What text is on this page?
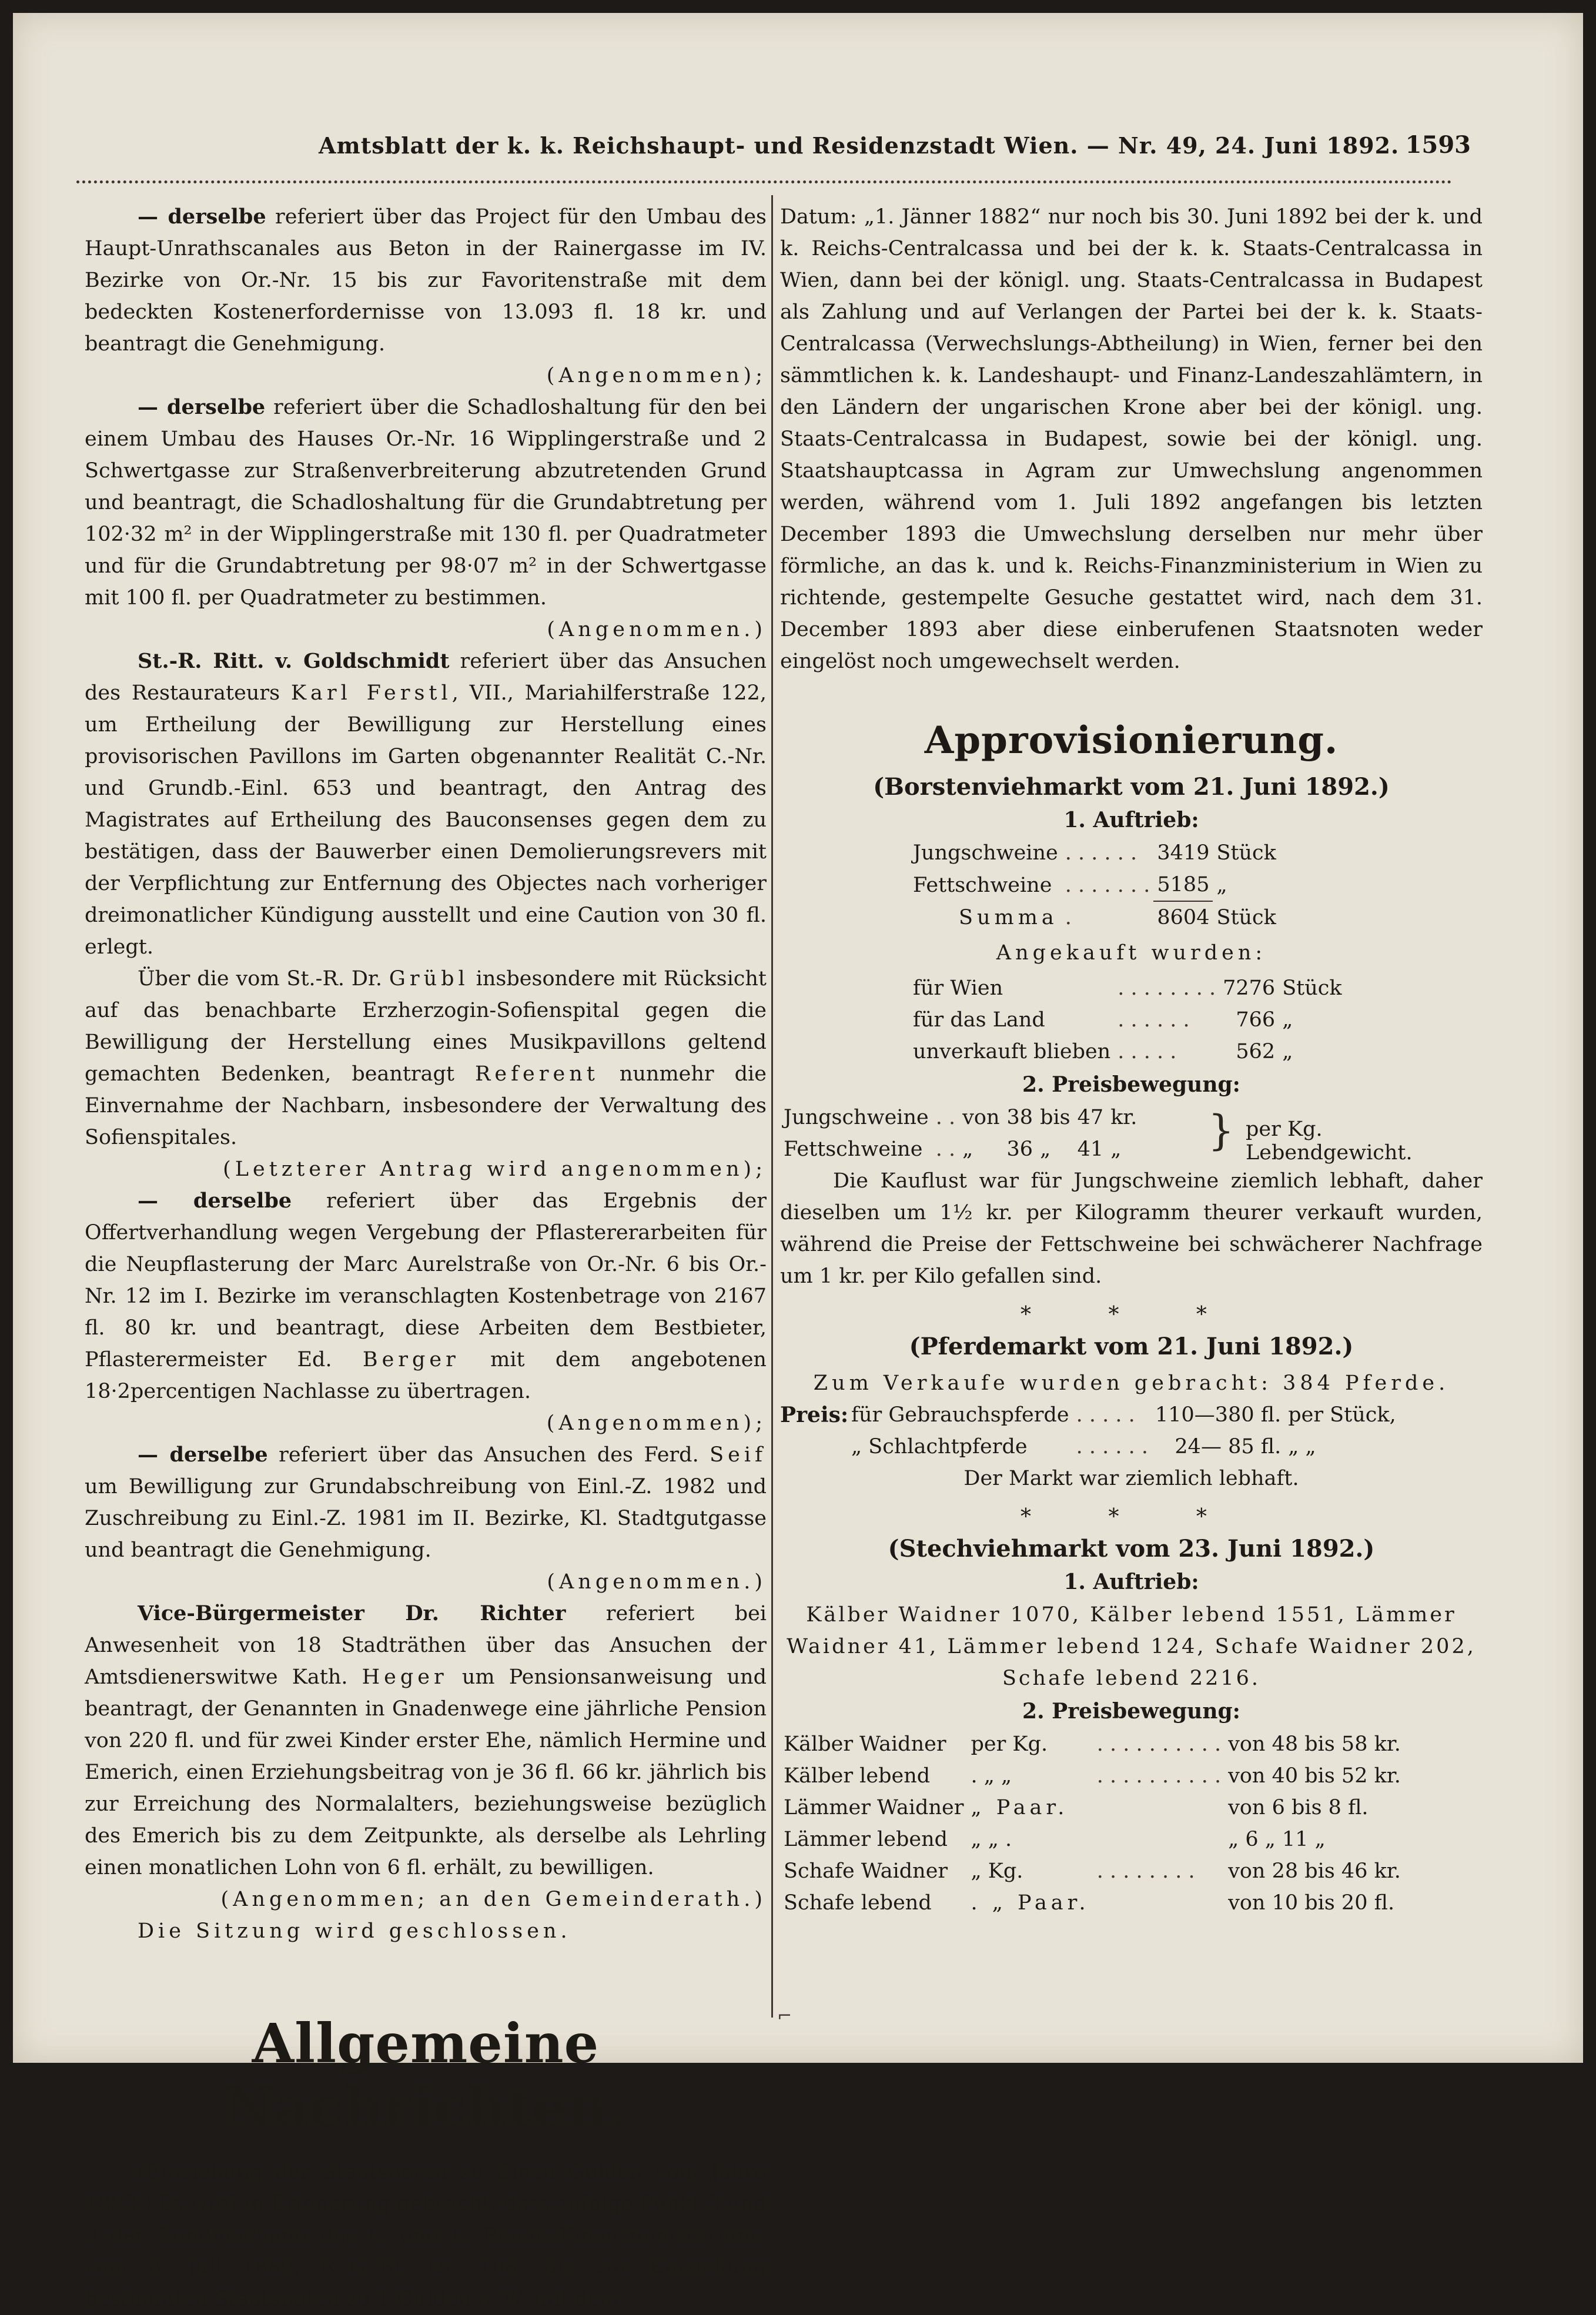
Amtsblatt der k. k. Reichshaupt- und Residenzstadt Wien. — Nr. 49, 24. Juni 1892. 1593

— derselbe referiert über das Project für den Umbau des Haupt-Unrathscanales aus Beton in der Rainergasse im IV. Bezirke von Or.-Nr. 15 bis zur Favoritenstraße mit dem bedeckten Kostenerfordernisse von 13.093 fl. 18 kr. und beantragt die Genehmigung.

(Angenommen);

— derselbe referiert über die Schadloshaltung für den bei einem Umbau des Hauses Or.-Nr. 16 Wipplingerstraße und 2 Schwertgasse zur Straßenverbreiterung abzutretenden Grund und beantragt, die Schadloshaltung für die Grundabtretung per 102·32 m² in der Wipplingerstraße mit 130 fl. per Quadratmeter und für die Grundabtretung per 98·07 m² in der Schwertgasse mit 100 fl. per Quadratmeter zu bestimmen.

(Angenommen.)

St.-R. Ritt. v. Goldschmidt referiert über das Ansuchen des Restaurateurs Karl Ferstl, VII., Mariahilferstraße 122, um Ertheilung der Bewilligung zur Herstellung eines provisorischen Pavillons im Garten obgenannter Realität C.-Nr. und Grundb.-Einl. 653 und beantragt, den Antrag des Magistrates auf Ertheilung des Bauconsenses gegen dem zu bestätigen, dass der Bauwerber einen Demolierungsrevers mit der Verpflichtung zur Entfernung des Objectes nach vorheriger dreimonatlicher Kündigung ausstellt und eine Caution von 30 fl. erlegt.

Über die vom St.-R. Dr. Grübl insbesondere mit Rücksicht auf das benachbarte Erzherzogin-Sofienspital gegen die Bewilligung der Herstellung eines Musikpavillons geltend gemachten Bedenken, beantragt Referent nunmehr die Einvernahme der Nachbarn, insbesondere der Verwaltung des Sofienspitales.

(Letzterer Antrag wird angenommen);

— derselbe referiert über das Ergebnis der Offertverhandlung wegen Vergebung der Pflastererarbeiten für die Neupflasterung der Marc Aurelstraße von Or.-Nr. 6 bis Or.-Nr. 12 im I. Bezirke im veranschlagten Kostenbetrage von 2167 fl. 80 kr. und beantragt, diese Arbeiten dem Bestbieter, Pflasterermeister Ed. Berger mit dem angebotenen 18·2percentigen Nachlasse zu übertragen.

(Angenommen);

— derselbe referiert über das Ansuchen des Ferd. Seif um Bewilligung zur Grundabschreibung von Einl.-Z. 1982 und Zuschreibung zu Einl.-Z. 1981 im II. Bezirke, Kl. Stadtgutgasse und beantragt die Genehmigung.

(Angenommen.)

Vice-Bürgermeister Dr. Richter referiert bei Anwesenheit von 18 Stadträthen über das Ansuchen der Amtsdienerswitwe Kath. Heger um Pensionsanweisung und beantragt, der Genannten in Gnadenwege eine jährliche Pension von 220 fl. und für zwei Kinder erster Ehe, nämlich Hermine und Emerich, einen Erziehungsbeitrag von je 36 fl. 66 kr. jährlich bis zur Erreichung des Normalalters, beziehungsweise bezüglich des Emerich bis zu dem Zeitpunkte, als derselbe als Lehrling einen monatlichen Lohn von 6 fl. erhält, zu bewilligen.

(Angenommen; an den Gemeinderath.)

Die Sitzung wird geschlossen.

Allgemeine Nachrichten.

(Einziehung der Staatsnoten zu Einen Gulden vom Jahre 1882.) Es wird in Erinnerung gebracht, dass zufolge Punkt 2 und 3 der Kundmachung des k. und k. Reichs-Finanzministeriums vom 8. Juli 1889, R.-G.-Bl. Nr. 108, die zur Einziehung bestimmten Staatsnoten zu 1 Gulden ö. W. mit dem

Datum: „1. Jänner 1882“ nur noch bis 30. Juni 1892 bei der k. und k. Reichs-Centralcassa und bei der k. k. Staats-Centralcassa in Wien, dann bei der königl. ung. Staats-Centralcassa in Budapest als Zahlung und auf Verlangen der Partei bei der k. k. Staats-Centralcassa (Verwechslungs-Abtheilung) in Wien, ferner bei den sämmtlichen k. k. Landeshaupt- und Finanz-Landeszahlämtern, in den Ländern der ungarischen Krone aber bei der königl. ung. Staats-Centralcassa in Budapest, sowie bei der königl. ung. Staatshauptcassa in Agram zur Umwechslung angenommen werden, während vom 1. Juli 1892 angefangen bis letzten December 1893 die Umwechslung derselben nur mehr über förmliche, an das k. und k. Reichs-Finanzministerium in Wien zu richtende, gestempelte Gesuche gestattet wird, nach dem 31. December 1893 aber diese einberufenen Staatsnoten weder eingelöst noch umgewechselt werden.

Approvisionierung.
(Borstenviehmarkt vom 21. Juni 1892.)
1. Auftrieb:
Jungschweine	. . . . . .	3419	Stück
Fettschweine	. . . . . . .	5185	„
Summa	.	8604	Stück
Angekauft wurden:
für Wien	. . . . . . . .	7276	Stück
für das Land	. . . . . .	766	„
unverkauft blieben	. . . . .	562	„
2. Preisbewegung:
Jungschweine	. .	von	38	bis	47	kr.
Fettschweine	. .	„	36	„	41	„ } per Kg. Lebendgewicht.

Die Kauflust war für Jungschweine ziemlich lebhaft, daher dieselben um 1½ kr. per Kilogramm theurer verkauft wurden, während die Preise der Fettschweine bei schwächerer Nachfrage um 1 kr. per Kilo gefallen sind.

* * *
(Pferdemarkt vom 21. Juni 1892.)
Zum Verkaufe wurden gebracht: 384 Pferde.
Preis: für Gebrauchspferde	. . . . .	110—380 fl.	per Stück,
„ Schlachtpferde	. . . . . .	24— 85 fl.	„ „
Der Markt war ziemlich lebhaft.
* * *
(Stechviehmarkt vom 23. Juni 1892.)
1. Auftrieb:

Kälber Waidner 1070, Kälber lebend 1551, Lämmer Waidner 41, Lämmer lebend 124, Schafe Waidner 202, Schafe lebend 2216.

2. Preisbewegung:
Kälber Waidner	per Kg.	. . . . . . . . . .	von 48 bis 58 kr.
Kälber lebend	. „ „	. . . . . . . . . .	von 40 bis 52 kr.
Lämmer Waidner	„ Paar.		von 6 bis 8 fl.
Lämmer lebend	„ „ .		„ 6 „ 11 „
Schafe Waidner	„ Kg.	. . . . . . . .	von 28 bis 46 kr.
Schafe lebend	. „ Paar.		von 10 bis 20 fl.
⌐
